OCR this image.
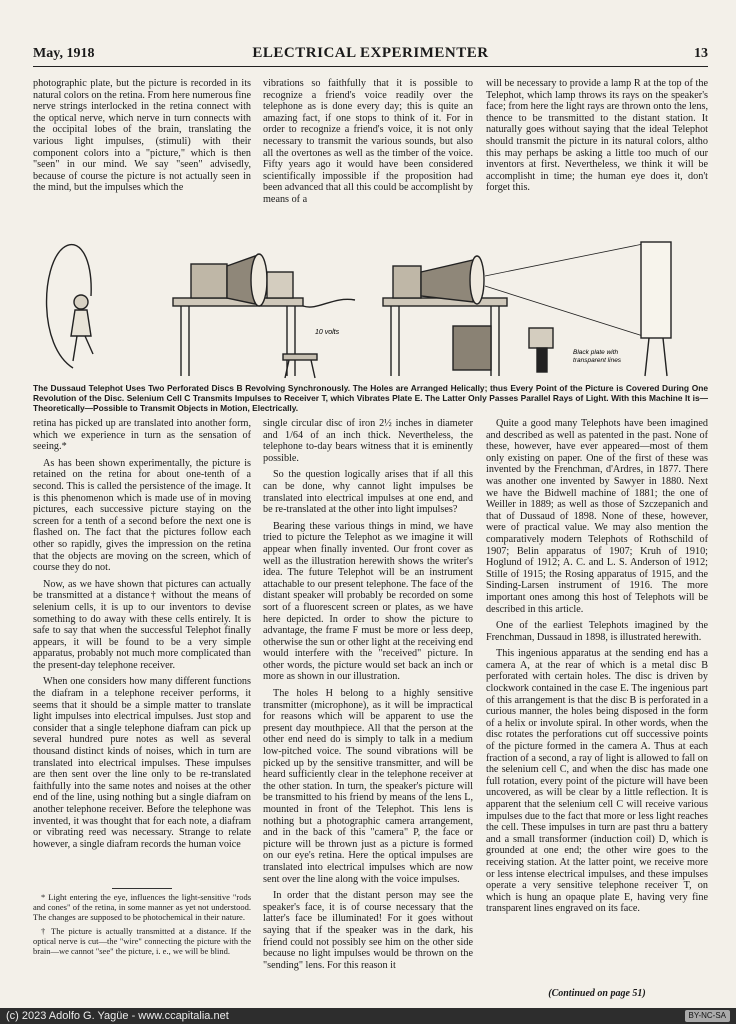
May, 1918	ELECTRICAL EXPERIMENTER	13

photographic plate, but the picture is recorded in its natural colors on the retina. From here numerous fine nerve strings interlocked in the retina connect with the optical nerve, which nerve in turn connects with the occipital lobes of the brain, translating the various light impulses, (stimuli) with their component colors into a "picture," which is then "seen" in our mind. We say "seen" advisedly, because of course the picture is not actually seen in the mind, but the impulses which the

vibrations so faithfully that it is possible to recognize a friend's voice readily over the telephone as is done every day; this is quite an amazing fact, if one stops to think of it. For in order to recognize a friend's voice, it is not only necessary to transmit the various sounds, but also all the overtones as well as the timber of the voice. Fifty years ago it would have been considered scientifically impossible if the proposition had been advanced that all this could be accomplisht by means of a

will be necessary to provide a lamp R at the top of the Telephot, which lamp throws its rays on the speaker's face; from here the light rays are thrown onto the lens, thence to be transmitted to the distant station. It naturally goes without saying that the ideal Telephot should transmit the picture in its natural colors, altho this may perhaps be asking a little too much of our inventors at first. Nevertheless, we think it will be accomplisht in time; the human eye does it, don't forget this.

10 volts
Black plate with
transparent lines
The Dussaud Telephot Uses Two Perforated Discs B Revolving Synchronously. The Holes are Arranged Helically; thus Every Point of the Picture is Covered During One Revolution of the Disc. Selenium Cell C Transmits Impulses to Receiver T, which Vibrates Plate E. The Latter Only Passes Parallel Rays of Light. With this Machine It is—Theoretically—Possible to Transmit Objects in Motion, Electrically.

retina has picked up are translated into another form, which we experience in turn as the sensation of seeing.*

As has been shown experimentally, the picture is retained on the retina for about one-tenth of a second. This is called the persistence of the image. It is this phenomenon which is made use of in moving pictures, each successive picture staying on the screen for a tenth of a second before the next one is flashed on. The fact that the pictures follow each other so rapidly, gives the impression on the retina that the objects are moving on the screen, which of course they do not.

Now, as we have shown that pictures can actually be transmitted at a distance† without the means of selenium cells, it is up to our inventors to devise something to do away with these cells entirely. It is safe to say that when the successful Telephot finally appears, it will be found to be a very simple apparatus, probably not much more complicated than the present-day telephone receiver.

When one considers how many different functions the diafram in a telephone receiver performs, it seems that it should be a simple matter to translate light impulses into electrical impulses. Just stop and consider that a single telephone diafram can pick up several hundred pure notes as well as several thousand distinct kinds of noises, which in turn are translated into electrical impulses. These impulses are then sent over the line only to be re-translated faithfully into the same notes and noises at the other end of the line, using nothing but a single diafram on another telephone receiver. Before the telephone was invented, it was thought that for each note, a diafram or vibrating reed was necessary. Strange to relate however, a single diafram records the human voice

* Light entering the eye, influences the light-sensitive "rods and cones" of the retina, in some manner as yet not understood. The changes are supposed to be photochemical in their nature.

† The picture is actually transmitted at a distance. If the optical nerve is cut—the "wire" connecting the picture with the brain—we cannot "see" the picture, i. e., we will be blind.

single circular disc of iron 2½ inches in diameter and 1/64 of an inch thick. Nevertheless, the telephone to-day bears witness that it is eminently possible.

So the question logically arises that if all this can be done, why cannot light impulses be translated into electrical impulses at one end, and be re-translated at the other into light impulses?

Bearing these various things in mind, we have tried to picture the Telephot as we imagine it will appear when finally invented. Our front cover as well as the illustration herewith shows the writer's idea. The future Telephot will be an instrument attachable to our present telephone. The face of the distant speaker will probably be recorded on some sort of a fluorescent screen or plates, as we have here depicted. In order to show the picture to advantage, the frame F must be more or less deep, otherwise the sun or other light at the receiving end would interfere with the "received" picture. In other words, the picture would set back an inch or more as shown in our illustration.

The holes H belong to a highly sensitive transmitter (microphone), as it will be impractical for reasons which will be apparent to use the present day mouthpiece. All that the person at the other end need do is simply to talk in a medium low-pitched voice. The sound vibrations will be picked up by the sensitive transmitter, and will be heard sufficiently clear in the telephone receiver at the other station. In turn, the speaker's picture will be transmitted to his friend by means of the lens L, mounted in front of the Telephot. This lens is nothing but a photographic camera arrangement, and in the back of this "camera" P, the face or picture will be thrown just as a picture is formed on our eye's retina. Here the optical impulses are translated into electrical impulses which are now sent over the line along with the voice impulses.

In order that the distant person may see the speaker's face, it is of course necessary that the latter's face be illuminated! For it goes without saying that if the speaker was in the dark, his friend could not possibly see him on the other side because no light impulses would be thrown on the "sending" lens. For this reason it

Quite a good many Telephots have been imagined and described as well as patented in the past. None of these, however, have ever appeared—most of them only existing on paper. One of the first of these was invented by the Frenchman, d'Ardres, in 1877. There was another one invented by Sawyer in 1880. Next we have the Bidwell machine of 1881; the one of Weiller in 1889; as well as those of Szczepanich and that of Dussaud of 1898. None of these, however, were of practical value. We may also mention the comparatively modern Telephots of Rothschild of 1907; Belin apparatus of 1907; Kruh of 1910; Hoglund of 1912; A. C. and L. S. Anderson of 1912; Stille of 1915; the Rosing apparatus of 1915, and the Sinding-Larsen instrument of 1916. The more important ones among this host of Telephots will be described in this article.

One of the earliest Telephots imagined by the Frenchman, Dussaud in 1898, is illustrated herewith.

This ingenious apparatus at the sending end has a camera A, at the rear of which is a metal disc B perforated with certain holes. The disc is driven by clockwork contained in the case E. The ingenious part of this arrangement is that the disc B is perforated in a curious manner, the holes being disposed in the form of a helix or involute spiral. In other words, when the disc rotates the perforations cut off successive points of the picture formed in the camera A. Thus at each fraction of a second, a ray of light is allowed to fall on the selenium cell C, and when the disc has made one full rotation, every point of the picture will have been uncovered, as will be clear by a little reflection. It is apparent that the selenium cell C will receive various impulses due to the fact that more or less light reaches the cell. These impulses in turn are past thru a battery and a small transformer (induction coil) D, which is grounded at one end; the other wire goes to the receiving station. At the latter point, we receive more or less intense electrical impulses, and these impulses operate a very sensitive telephone receiver T, on which is hung an opaque plate E, having very fine transparent lines engraved on its face.

(Continued on page 51)
(c) 2023 Adolfo G. Yagüe - www.ccapitalia.net	BY-NC-SA
